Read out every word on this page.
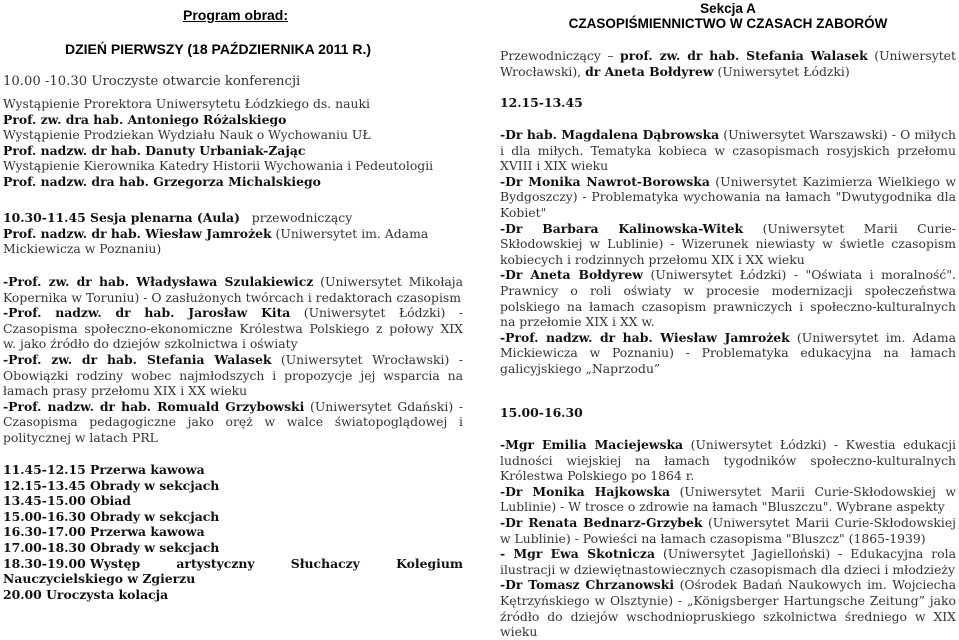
Program obrad:

DZIEŃ PIERWSZY (18 PAŹDZIERNIKA 2011 R.)

10.00 -10.30 Uroczyste otwarcie konferencji

Wystąpienie Prorektora Uniwersytetu Łódzkiego ds. nauki

Prof. zw. dra hab. Antoniego Różalskiego

Wystąpienie Prodziekan Wydziału Nauk o Wychowaniu UŁ

Prof. nadzw. dr hab. Danuty Urbaniak-Zając

Wystąpienie Kierownika Katedry Historii Wychowania i Pedeutologii

Prof. nadzw. dra hab. Grzegorza Michalskiego

10.30-11.45 Sesja plenarna (Aula) przewodniczący

Prof. nadzw. dr hab. Wiesław Jamrożek (Uniwersytet im. Adama Mickiewicza w Poznaniu)

-Prof. zw. dr hab. Władysława Szulakiewicz (Uniwersytet Mikołaja Kopernika w Toruniu) - O zasłużonych twórcach i redaktorach czasopism

-Prof. nadzw. dr hab. Jarosław Kita (Uniwersytet Łódzki) - Czasopisma społeczno-ekonomiczne Królestwa Polskiego z połowy XIX w. jako źródło do dziejów szkolnictwa i oświaty

-Prof. zw. dr hab. Stefania Walasek (Uniwersytet Wrocławski) - Obowiązki rodziny wobec najmłodszych i propozycje jej wsparcia na łamach prasy przełomu XIX i XX wieku

-Prof. nadzw. dr hab. Romuald Grzybowski (Uniwersytet Gdański) - Czasopisma pedagogiczne jako oręż w walce światopoglądowej i politycznej w latach PRL

11.45-12.15 Przerwa kawowa

12.15-13.45 Obrady w sekcjach

13.45-15.00 Obiad

15.00-16.30 Obrady w sekcjach

16.30-17.00 Przerwa kawowa

17.00-18.30 Obrady w sekcjach

18.30-19.00 Występ	artystyczny	Słuchaczy	Kolegium

Nauczycielskiego w Zgierzu

20.00 Uroczysta kolacja

Sekcja A

CZASOPIŚMIENNICTWO W CZASACH ZABORÓW

Przewodniczący – prof. zw. dr hab. Stefania Walasek (Uniwersytet Wrocławski), dr Aneta Bołdyrew (Uniwersytet Łódzki)

12.15-13.45

-Dr hab. Magdalena Dąbrowska (Uniwersytet Warszawski) - O miłych i dla miłych. Tematyka kobieca w czasopismach rosyjskich przełomu XVIII i XIX wieku

-Dr Monika Nawrot-Borowska (Uniwersytet Kazimierza Wielkiego w Bydgoszczy) - Problematyka wychowania na łamach "Dwutygodnika dla Kobiet"

-Dr Barbara Kalinowska-Witek (Uniwersytet Marii Curie-Skłodowskiej w Lublinie) - Wizerunek niewiasty w świetle czasopism kobiecych i rodzinnych przełomu XIX i XX wieku

-Dr Aneta Bołdyrew (Uniwersytet Łódzki) - "Oświata i moralność". Prawnicy o roli oświaty w procesie modernizacji społeczeństwa polskiego na łamach czasopism prawniczych i społeczno-kulturalnych na przełomie XIX i XX w.

-Prof. nadzw. dr hab. Wiesław Jamrożek (Uniwersytet im. Adama Mickiewicza w Poznaniu) - Problematyka edukacyjna na łamach galicyjskiego „Naprzodu”

15.00-16.30

-Mgr Emilia Maciejewska (Uniwersytet Łódzki) - Kwestia edukacji ludności wiejskiej na łamach tygodników społeczno-kulturalnych Królestwa Polskiego po 1864 r.

-Dr Monika Hajkowska (Uniwersytet Marii Curie-Skłodowskiej w Lublinie) - W trosce o zdrowie na łamach "Bluszczu". Wybrane aspekty

-Dr Renata Bednarz-Grzybek (Uniwersytet Marii Curie-Skłodowskiej w Lublinie) - Powieści na łamach czasopisma "Bluszcz" (1865-1939)

- Mgr Ewa Skotnicza (Uniwersytet Jagielloński) - Edukacyjna rola ilustracji w dziewiętnastowiecznych czasopismach dla dzieci i młodzieży

-Dr Tomasz Chrzanowski (Ośrodek Badań Naukowych im. Wojciecha Kętrzyńskiego w Olsztynie) - „Königsberger Hartungsche Zeitung” jako źródło do dziejów wschodniopruskiego szkolnictwa średniego w XIX wieku
